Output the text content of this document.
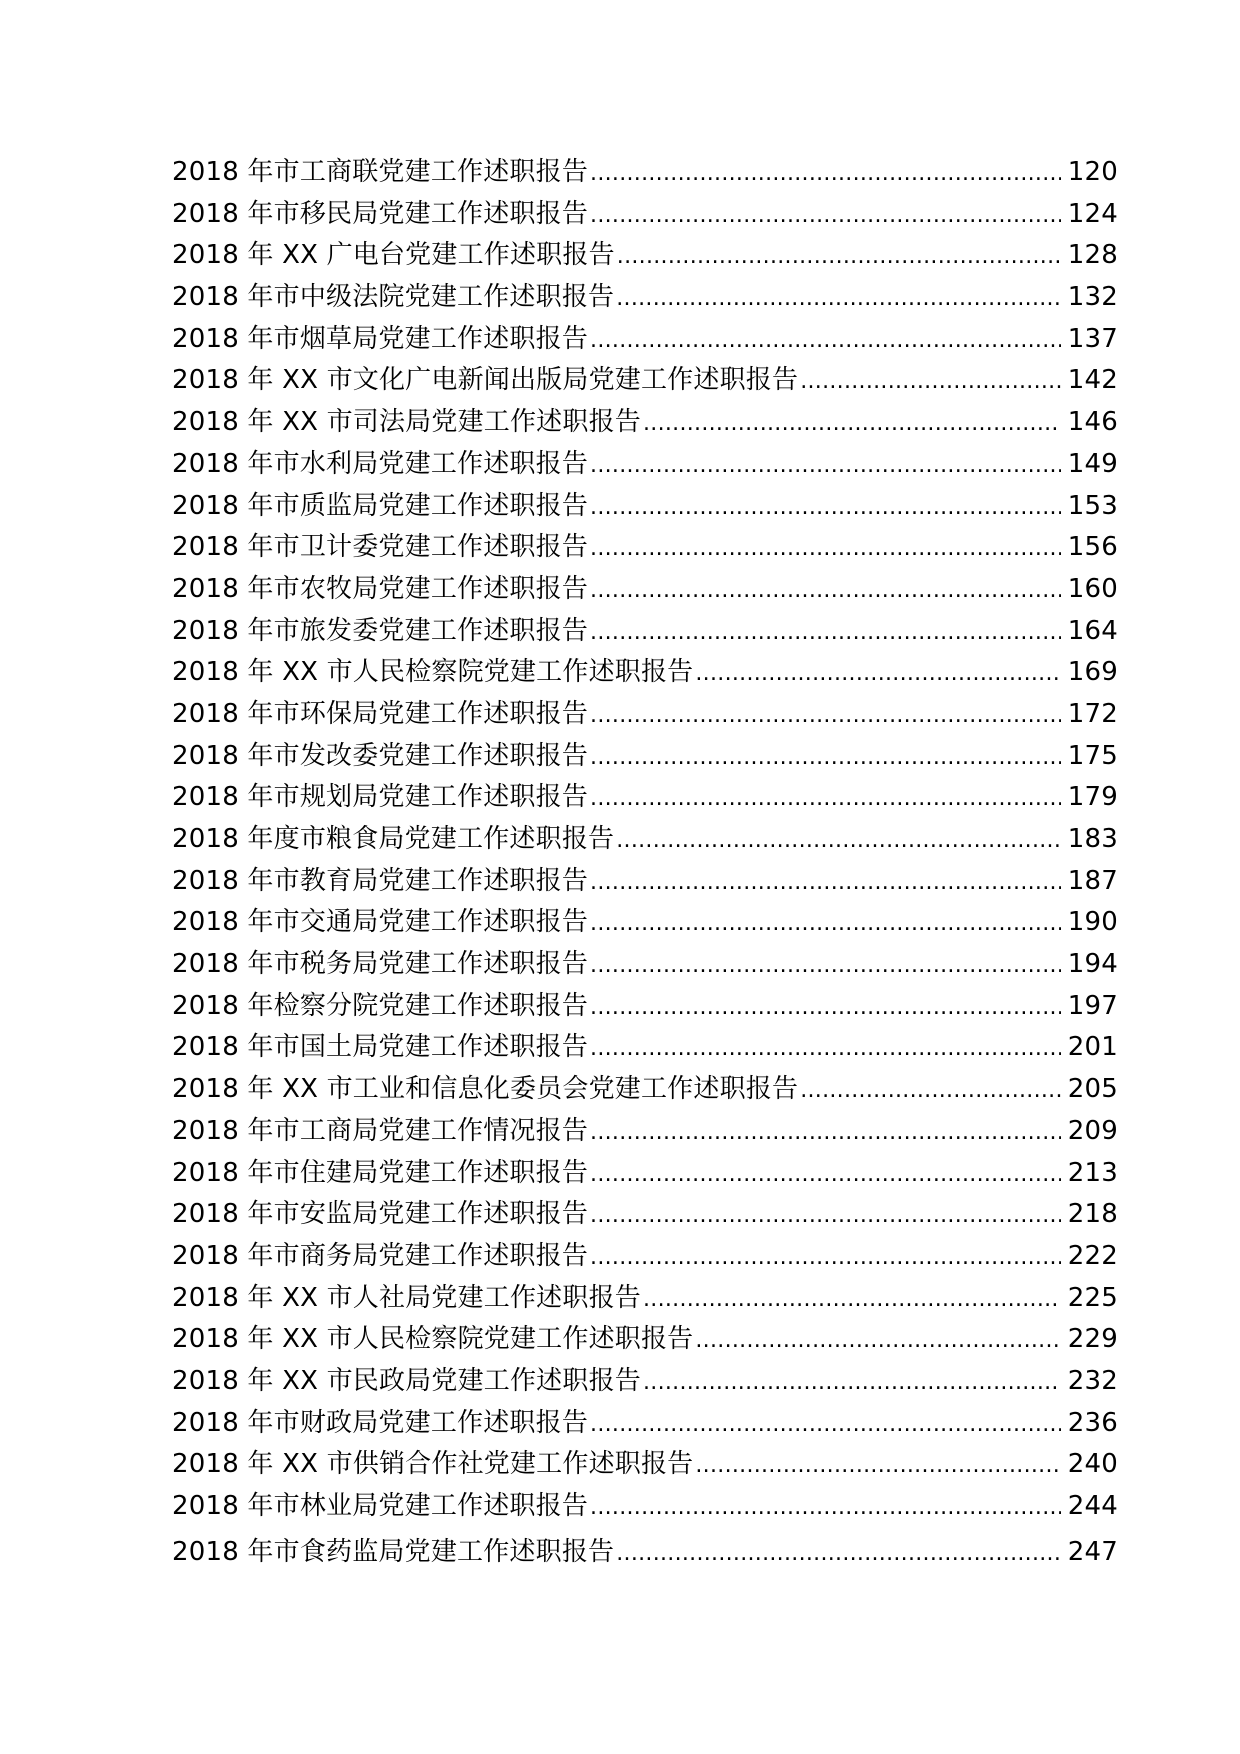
2018 年市工商联党建工作述职报告 .....	120
2018 年市移民局党建工作述职报告 .....	124
2018 年 XX 广电台党建工作述职报告 .....	128
2018 年市中级法院党建工作述职报告 .....	132
2018 年市烟草局党建工作述职报告 .....	137
2018 年 XX 市文化广电新闻出版局党建工作述职报告 .....	142
2018 年 XX 市司法局党建工作述职报告 .....	146
2018 年市水利局党建工作述职报告 .....	149
2018 年市质监局党建工作述职报告 .....	153
2018 年市卫计委党建工作述职报告 .....	156
2018 年市农牧局党建工作述职报告 .....	160
2018 年市旅发委党建工作述职报告 .....	164
2018 年 XX 市人民检察院党建工作述职报告 .....	169
2018 年市环保局党建工作述职报告 .....	172
2018 年市发改委党建工作述职报告 .....	175
2018 年市规划局党建工作述职报告 .....	179
2018 年度市粮食局党建工作述职报告 .....	183
2018 年市教育局党建工作述职报告 .....	187
2018 年市交通局党建工作述职报告 .....	190
2018 年市税务局党建工作述职报告 .....	194
2018 年检察分院党建工作述职报告 .....	197
2018 年市国土局党建工作述职报告 .....	201
2018 年 XX 市工业和信息化委员会党建工作述职报告 .....	205
2018 年市工商局党建工作情况报告 .....	209
2018 年市住建局党建工作述职报告 .....	213
2018 年市安监局党建工作述职报告 .....	218
2018 年市商务局党建工作述职报告 .....	222
2018 年 XX 市人社局党建工作述职报告 .....	225
2018 年 XX 市人民检察院党建工作述职报告 .....	229
2018 年 XX 市民政局党建工作述职报告 .....	232
2018 年市财政局党建工作述职报告 .....	236
2018 年 XX 市供销合作社党建工作述职报告 .....	240
2018 年市林业局党建工作述职报告 .....	244
2018 年市食药监局党建工作述职报告 .....	247
